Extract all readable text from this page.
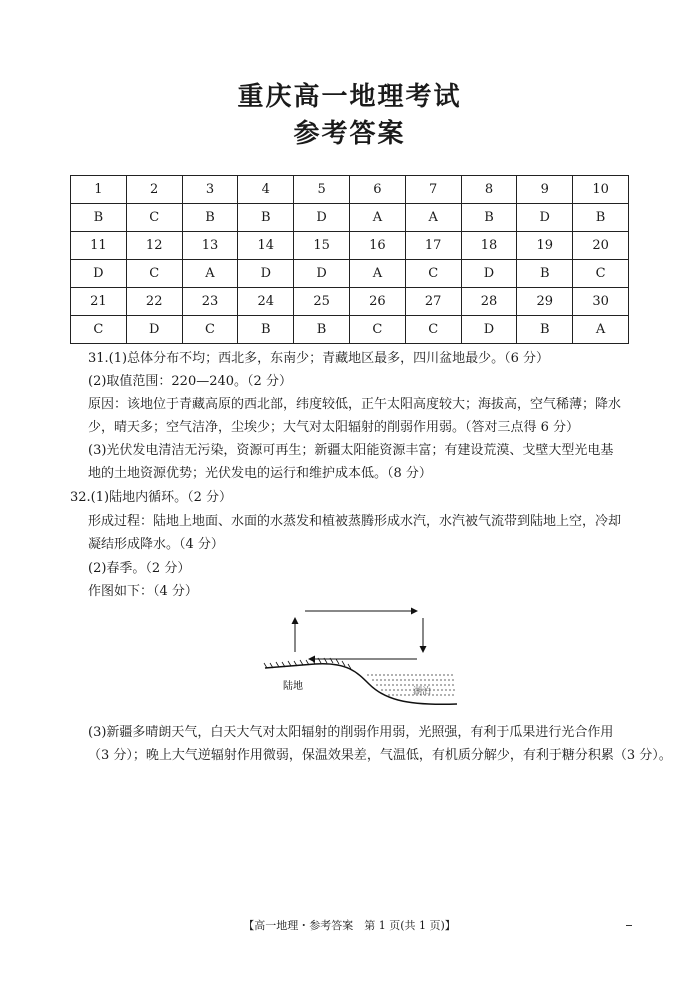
重庆高一地理考试
参考答案
1	2	3	4	5	6	7	8	9	10
B	C	B	B	D	A	A	B	D	B
11	12	13	14	15	16	17	18	19	20
D	C	A	D	D	A	C	D	B	C
21	22	23	24	25	26	27	28	29	30
C	D	C	B	B	C	C	D	B	A
31.(1)总体分布不均；西北多，东南少；青藏地区最多，四川盆地最少。（6 分）
(2)取值范围：220—240。（2 分）
原因：该地位于青藏高原的西北部，纬度较低，正午太阳高度较大；海拔高，空气稀薄；降水
少，晴天多；空气洁净，尘埃少；大气对太阳辐射的削弱作用弱。（答对三点得 6 分）
(3)光伏发电清洁无污染，资源可再生；新疆太阳能资源丰富；有建设荒漠、戈壁大型光电基
地的土地资源优势；光伏发电的运行和维护成本低。（8 分）
32.(1)陆地内循环。（2 分）
形成过程：陆地上地面、水面的水蒸发和植被蒸腾形成水汽，水汽被气流带到陆地上空，冷却
凝结形成降水。（4 分）
(2)春季。（2 分）
作图如下：（4 分）
陆地	湖泊
(3)新疆多晴朗天气，白天大气对太阳辐射的削弱作用弱，光照强，有利于瓜果进行光合作用
（3 分）；晚上大气逆辐射作用微弱，保温效果差，气温低，有机质分解少，有利于糖分积累（3 分）。
【高一地理・参考答案　第 1 页(共 1 页)】
